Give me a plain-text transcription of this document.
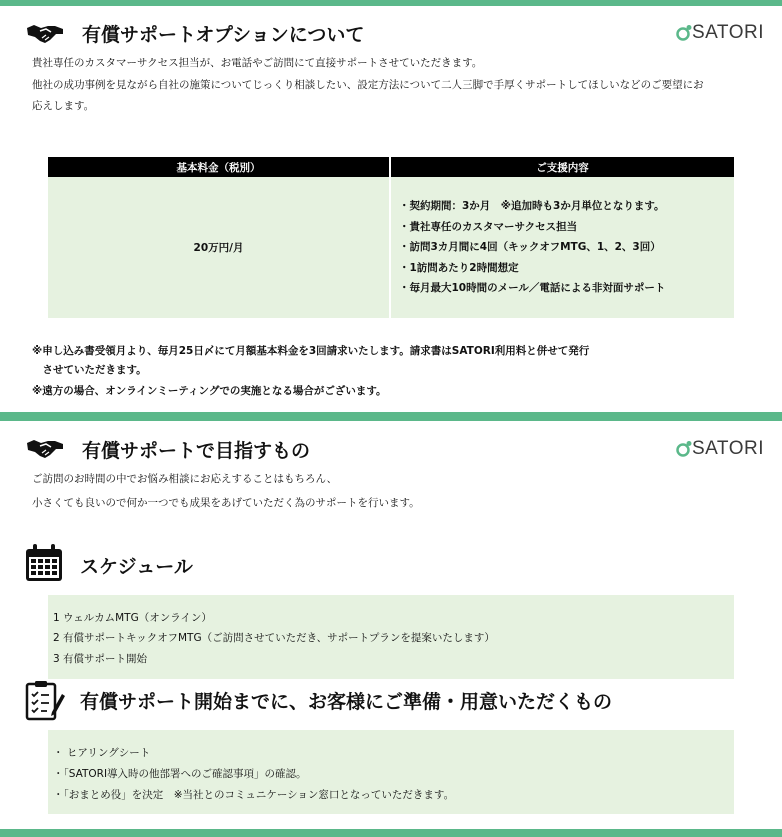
有償サポートオプションについて	SATORI
貴社専任のカスタマーサクセス担当が、お電話やご訪問にて直接サポートさせていただきます。
他社の成功事例を見ながら自社の施策についてじっくり相談したい、設定方法について二人三脚で手厚くサポートしてほしいなどのご要望にお
応えします。
基本料金（税別）	ご支援内容
20万円/月	・契約期間：3か月　※追加時も3か月単位となります。
・貴社専任のカスタマーサクセス担当
・訪問3カ月間に4回（キックオフMTG、1、2、3回）
・1訪問あたり2時間想定
・毎月最大10時間のメール／電話による非対面サポート
※申し込み書受領月より、毎月25日〆にて月額基本料金を3回請求いたします。請求書はSATORI利用料と併せて発行
　させていただきます。
※遠方の場合、オンラインミーティングでの実施となる場合がございます。
有償サポートで目指すもの	SATORI
ご訪問のお時間の中でお悩み相談にお応えすることはもちろん、
小さくても良いので何か一つでも成果をあげていただく為のサポートを行います。
スケジュール
1 ウェルカムMTG（オンライン）
2 有償サポートキックオフMTG（ご訪問させていただき、サポートプランを提案いたします）
3 有償サポート開始
有償サポート開始までに、お客様にご準備・用意いただくもの
・ ヒアリングシート
・「SATORI導入時の他部署へのご確認事項」の確認。
・「おまとめ役」を決定　※当社とのコミュニケーション窓口となっていただきます。
